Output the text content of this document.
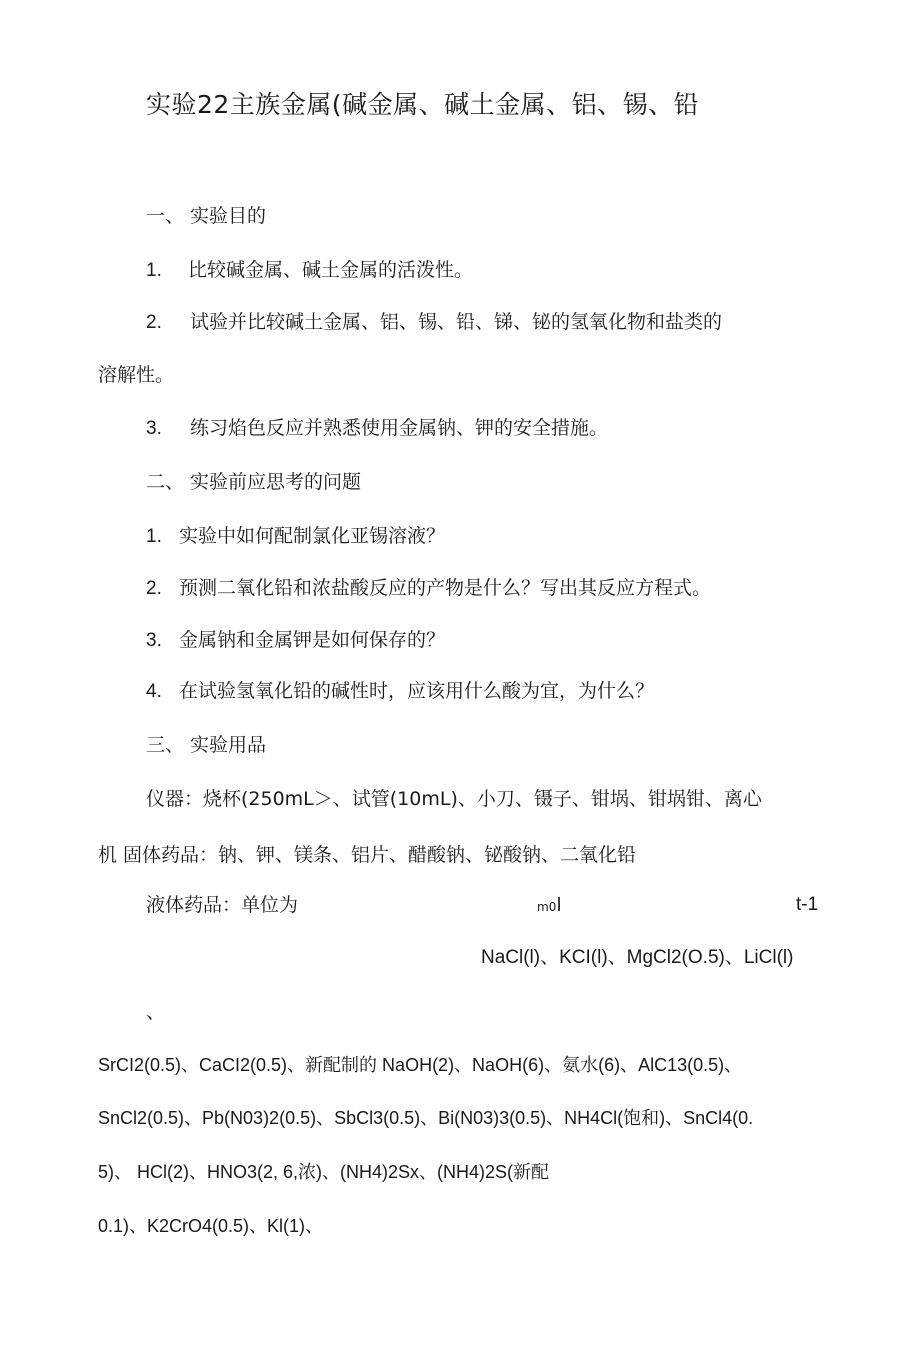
实验22主族金属(碱金属、碱土金属、铝、锡、铅
一、 实验目的
1. 比较碱金属、碱土金属的活泼性。
2. 试验并比较碱土金属、铝、锡、铅、锑、铋的氢氧化物和盐类的
溶解性。
3. 练习焰色反应并熟悉使用金属钠、钾的安全措施。
二、 实验前应思考的问题
1. 实验中如何配制氯化亚锡溶液？
2. 预测二氧化铅和浓盐酸反应的产物是什么？写出其反应方程式。
3. 金属钠和金属钾是如何保存的？
4. 在试验氢氧化铅的碱性时，应该用什么酸为宜，为什么？
三、 实验用品
仪器：烧杯(250mL＞、试管(10mL)、小刀、镊子、钳埚、钳埚钳、离心
机 固体药品：钠、钾、镁条、铝片、醋酸钠、铋酸钠、二氧化铅
液体药品：单位为	m0l	t-1
NaCl(l)、KCI(l)、MgCl2(O.5)、LiCl(l)
、
SrCI2(0.5)、CaCI2(0.5)、新配制的 NaOH(2)、NaOH(6)、氨水(6)、AlC13(0.5)、
SnCl2(0.5)、Pb(N03)2(0.5)、SbCl3(0.5)、Bi(N03)3(0.5)、NH4Cl(饱和)、SnCl4(0.
5)、 HCl(2)、HNO3(2, 6,浓)、(NH4)2Sx、(NH4)2S(新配
0.1)、K2CrO4(0.5)、Kl(1)、
